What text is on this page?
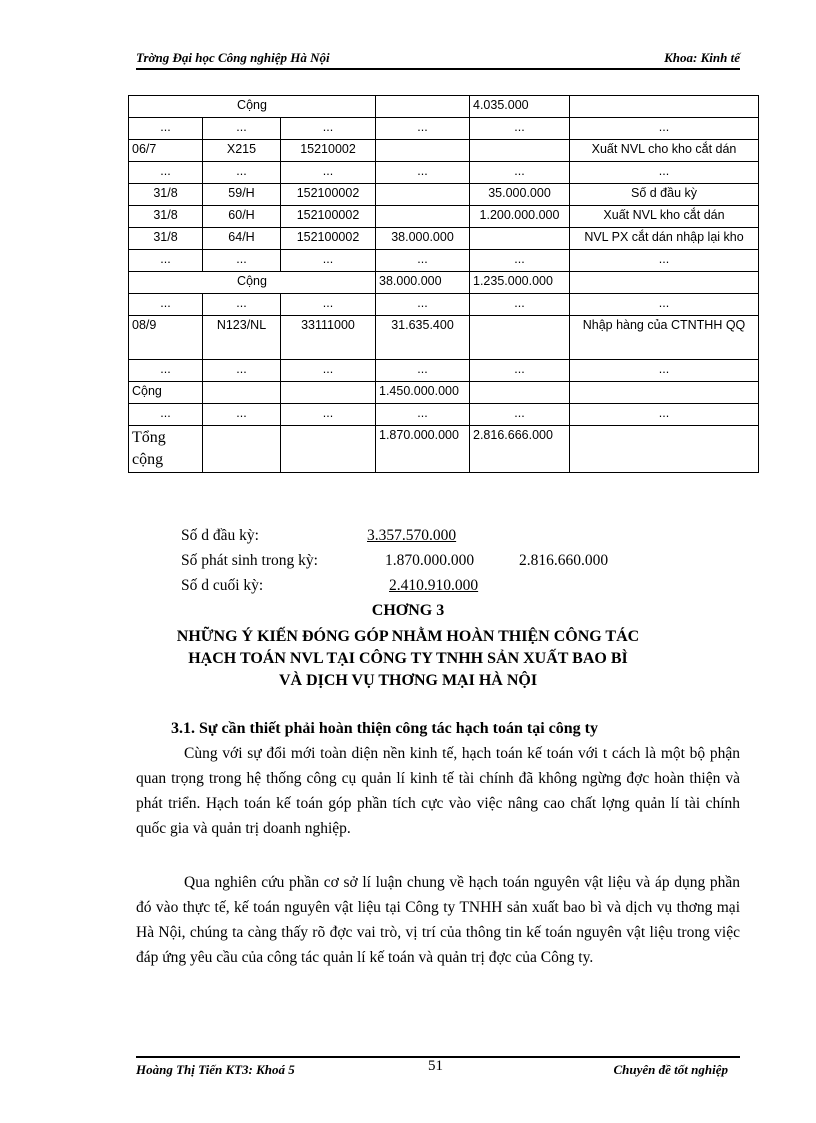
Trờng Đại học Công nghiệp Hà Nội	Khoa: Kinh tế
Cộng				4.035.000	
...	...	...	...	...	...
06/7	X215	15210002			Xuất NVL cho kho cắt dán
...	...	...	...	...	...
31/8	59/H	152100002		35.000.000	Số d đầu kỳ
31/8	60/H	152100002		1.200.000.000	Xuất NVL kho cắt dán
31/8	64/H	152100002	38.000.000		NVL PX cắt dán nhập lại kho
...	...	...	...	...	...
Cộng			38.000.000	1.235.000.000	
...	...	...	...	...	...
08/9	N123/NL	33111000	31.635.400		Nhập hàng của CTNTHH QQ
...	...	...	...	...	...
Cộng			1.450.000.000		
...	...	...	...	...	...
Tổng cộng			1.870.000.000	2.816.666.000	
Số d đầu kỳ:	3.357.570.000
Số phát sinh trong kỳ:	1.870.000.000	2.816.660.000
Số d cuối kỳ:	2.410.910.000
CHƠNG 3
NHỮNG Ý KIẾN ĐÓNG GÓP NHẰM HOÀN THIỆN CÔNG TÁC
HẠCH TOÁN NVL TẠI CÔNG TY TNHH SẢN XUẤT BAO BÌ
VÀ DỊCH VỤ THƠNG MẠI HÀ NỘI
3.1. Sự cần thiết phải hoàn thiện công tác hạch toán tại công ty
Cùng với sự đổi mới toàn diện nền kinh tế, hạch toán kế toán với t cách là một bộ phận quan trọng trong hệ thống công cụ quản lí kinh tế tài chính đã không ngừng đợc hoàn thiện và phát triển. Hạch toán kế toán góp phần tích cực vào việc nâng cao chất lợng quản lí tài chính quốc gia và quản trị doanh nghiệp.
Qua nghiên cứu phần cơ sở lí luận chung về hạch toán nguyên vật liệu và áp dụng phần đó vào thực tế, kế toán nguyên vật liệu tại Công ty TNHH sản xuất bao bì và dịch vụ thơng mại Hà Nội, chúng ta càng thấy rõ đợc vai trò, vị trí của thông tin kế toán nguyên vật liệu trong việc đáp ứng yêu cầu của công tác quản lí kế toán và quản trị đợc của Công ty.
Hoàng Thị Tiến KT3: Khoá 5	51	Chuyên đề tốt nghiệp
